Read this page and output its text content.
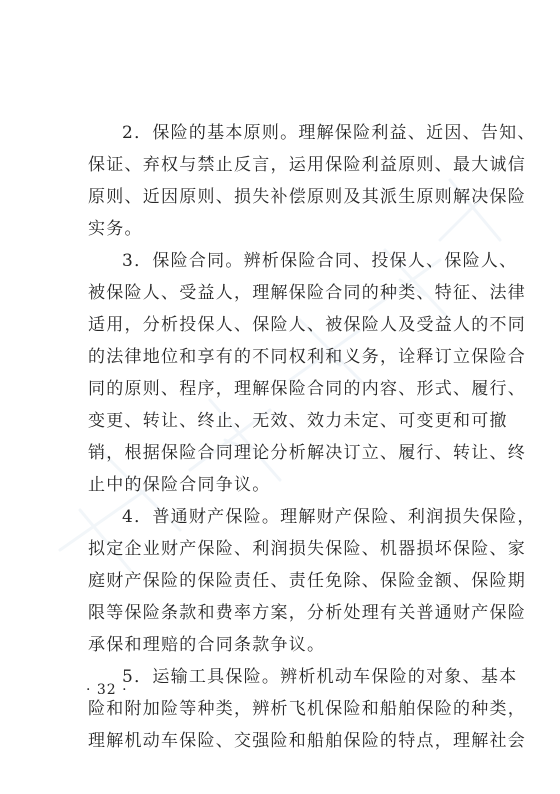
2．保险的基本原则。理解保险利益、近因、告知、
保证、弃权与禁止反言，运用保险利益原则、最大诚信
原则、近因原则、损失补偿原则及其派生原则解决保险
实务。
3．保险合同。辨析保险合同、投保人、保险人、
被保险人、受益人，理解保险合同的种类、特征、法律
适用，分析投保人、保险人、被保险人及受益人的不同
的法律地位和享有的不同权利和义务，诠释订立保险合
同的原则、程序，理解保险合同的内容、形式、履行、
变更、转让、终止、无效、效力未定、可变更和可撤
销，根据保险合同理论分析解决订立、履行、转让、终
止中的保险合同争议。
4．普通财产保险。理解财产保险、利润损失保险，
拟定企业财产保险、利润损失保险、机器损坏保险、家
庭财产保险的保险责任、责任免除、保险金额、保险期
限等保险条款和费率方案，分析处理有关普通财产保险
承保和理赔的合同条款争议。
5．运输工具保险。辨析机动车保险的对象、基本
险和附加险等种类，辨析飞机保险和船舶保险的种类，
理解机动车保险、交强险和船舶保险的特点，理解社会
· 32 ·
